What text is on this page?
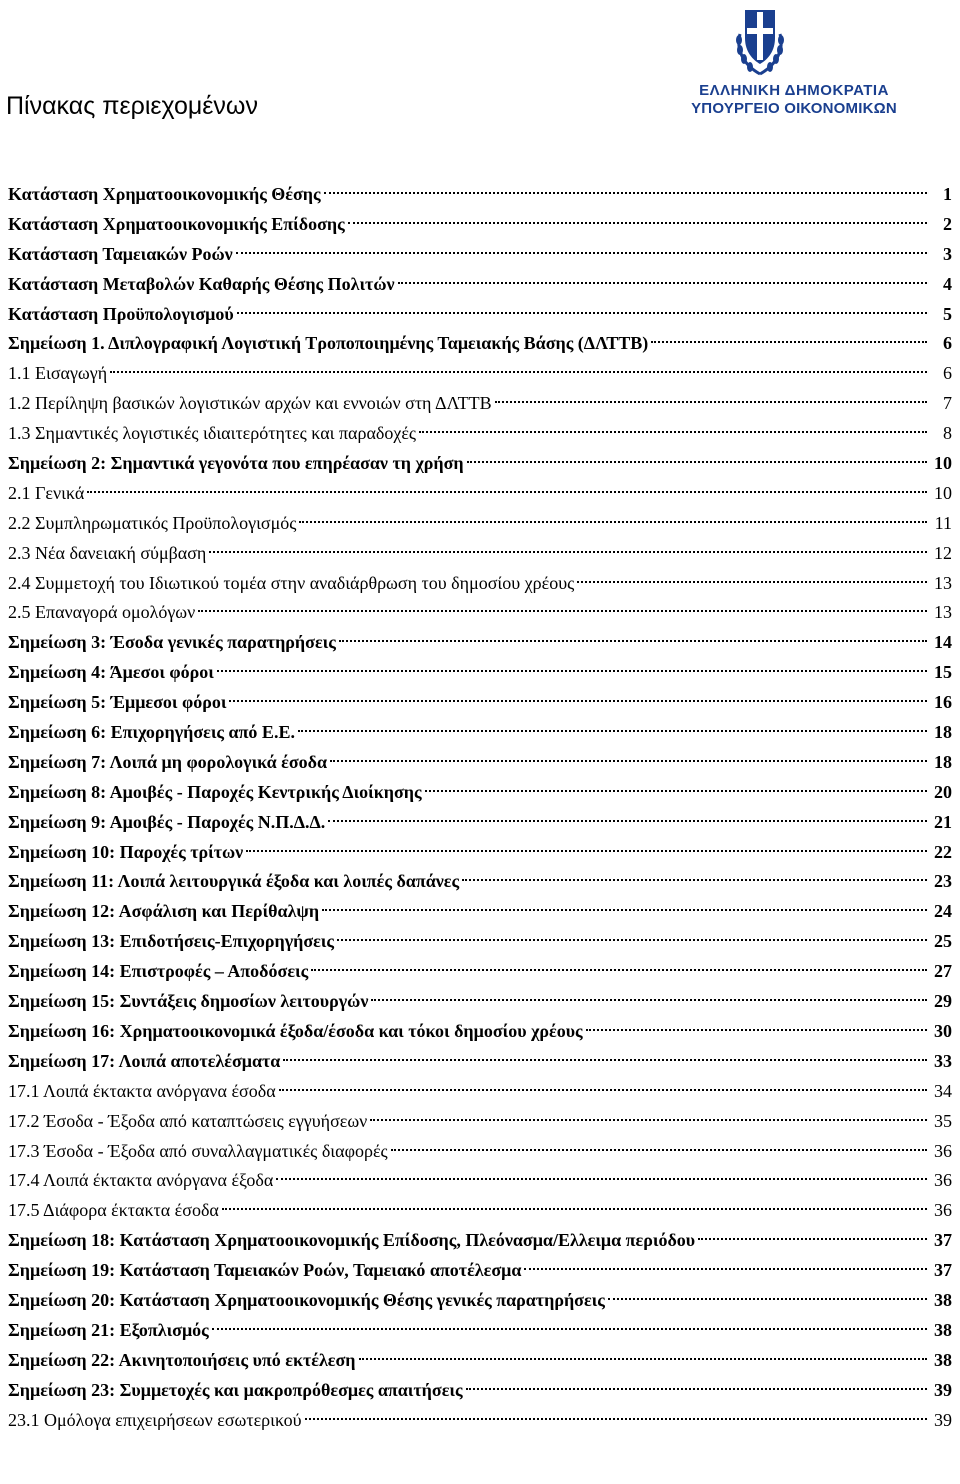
Πίνακας περιεχομένων
ΕΛΛΗΝΙΚΗ ΔΗΜΟΚΡΑΤΙΑ
ΥΠΟΥΡΓΕΙΟ ΟΙΚΟΝΟΜΙΚΩΝ
Κατάσταση Χρηματοοικονομικής Θέσης	1
Κατάσταση Χρηματοοικονομικής Επίδοσης	2
Κατάσταση Ταμειακών Ροών	3
Κατάσταση Μεταβολών Καθαρής Θέσης Πολιτών	4
Κατάσταση Προϋπολογισμού	5
Σημείωση 1. Διπλογραφική Λογιστική Τροποποιημένης Ταμειακής Βάσης (ΔΛΤΤΒ)	6
1.1 Εισαγωγή	6
1.2 Περίληψη βασικών λογιστικών αρχών και εννοιών στη ΔΛΤΤΒ	7
1.3 Σημαντικές λογιστικές ιδιαιτερότητες και παραδοχές	8
Σημείωση 2: Σημαντικά γεγονότα που επηρέασαν τη χρήση	10
2.1 Γενικά	10
2.2 Συμπληρωματικός Προϋπολογισμός	11
2.3 Νέα δανειακή σύμβαση	12
2.4 Συμμετοχή του Ιδιωτικού τομέα στην αναδιάρθρωση του δημοσίου χρέους	13
2.5 Επαναγορά ομολόγων	13
Σημείωση 3: Έσοδα γενικές παρατηρήσεις	14
Σημείωση 4: Άμεσοι φόροι	15
Σημείωση 5: Έμμεσοι φόροι	16
Σημείωση 6: Επιχορηγήσεις από Ε.Ε.	18
Σημείωση 7: Λοιπά μη φορολογικά έσοδα	18
Σημείωση 8: Αμοιβές - Παροχές Κεντρικής Διοίκησης	20
Σημείωση 9: Αμοιβές - Παροχές Ν.Π.Δ.Δ.	21
Σημείωση 10: Παροχές τρίτων	22
Σημείωση 11: Λοιπά λειτουργικά έξοδα και λοιπές δαπάνες	23
Σημείωση 12: Ασφάλιση και Περίθαλψη	24
Σημείωση 13: Επιδοτήσεις-Επιχορηγήσεις	25
Σημείωση 14: Επιστροφές – Αποδόσεις	27
Σημείωση 15: Συντάξεις δημοσίων λειτουργών	29
Σημείωση 16: Χρηματοοικονομικά έξοδα/έσοδα και τόκοι δημοσίου χρέους	30
Σημείωση 17: Λοιπά αποτελέσματα	33
17.1 Λοιπά έκτακτα ανόργανα έσοδα	34
17.2 Έσοδα - Έξοδα από καταπτώσεις εγγυήσεων	35
17.3 Έσοδα - Έξοδα από συναλλαγματικές διαφορές	36
17.4 Λοιπά έκτακτα ανόργανα έξοδα	36
17.5 Διάφορα έκτακτα έσοδα	36
Σημείωση 18: Κατάσταση Χρηματοοικονομικής Επίδοσης, Πλεόνασμα/Ελλειμα περιόδου	37
Σημείωση 19: Κατάσταση Ταμειακών Ροών, Ταμειακό αποτέλεσμα	37
Σημείωση 20: Κατάσταση Χρηματοοικονομικής Θέσης γενικές παρατηρήσεις	38
Σημείωση 21: Εξοπλισμός	38
Σημείωση 22: Ακινητοποιήσεις υπό εκτέλεση	38
Σημείωση 23: Συμμετοχές και μακροπρόθεσμες απαιτήσεις	39
23.1 Ομόλογα επιχειρήσεων εσωτερικού	39
